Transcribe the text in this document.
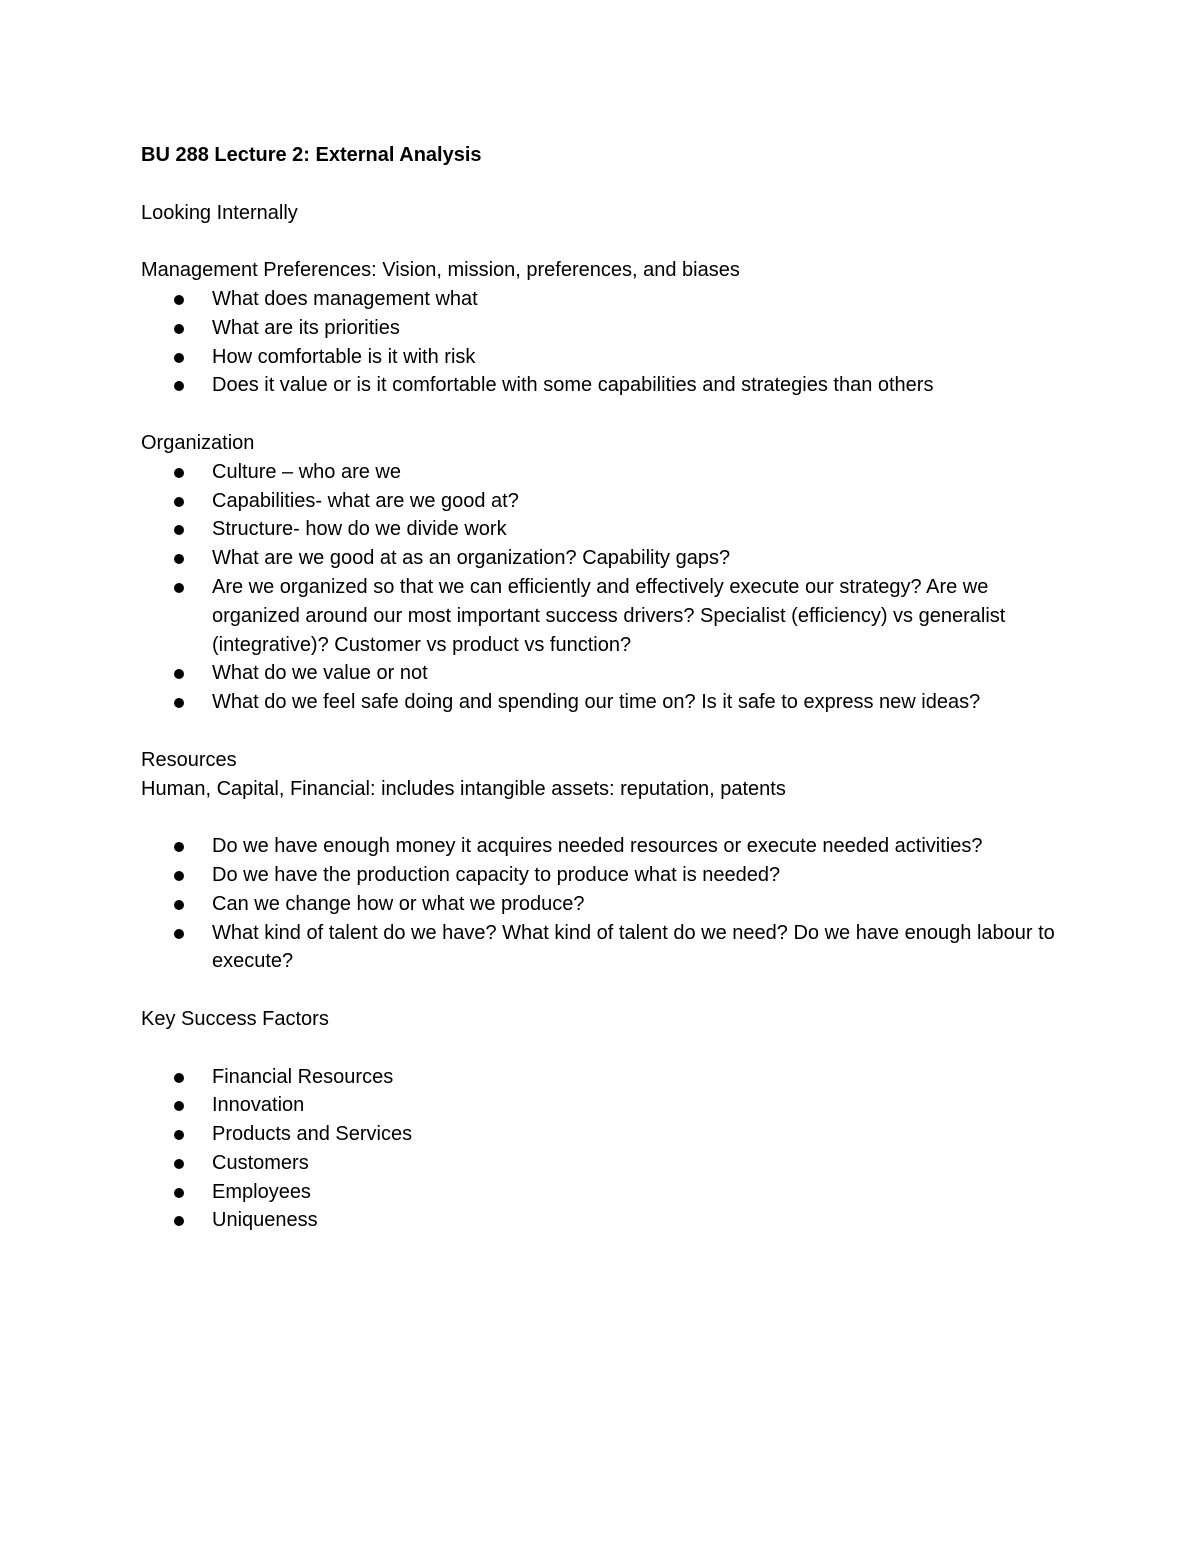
BU 288 Lecture 2: External Analysis

Looking Internally

Management Preferences: Vision, mission, preferences, and biases

What does management what
What are its priorities
How comfortable is it with risk
Does it value or is it comfortable with some capabilities and strategies than others

Organization

Culture – who are we
Capabilities- what are we good at?
Structure- how do we divide work
What are we good at as an organization? Capability gaps?
Are we organized so that we can efficiently and effectively execute our strategy? Are we organized around our most important success drivers? Specialist (efficiency) vs generalist (integrative)? Customer vs product vs function?
What do we value or not
What do we feel safe doing and spending our time on? Is it safe to express new ideas?

Resources

Human, Capital, Financial: includes intangible assets: reputation, patents

Do we have enough money it acquires needed resources or execute needed activities?
Do we have the production capacity to produce what is needed?
Can we change how or what we produce?
What kind of talent do we have? What kind of talent do we need? Do we have enough labour to execute?

Key Success Factors

Financial Resources
Innovation
Products and Services
Customers
Employees
Uniqueness
